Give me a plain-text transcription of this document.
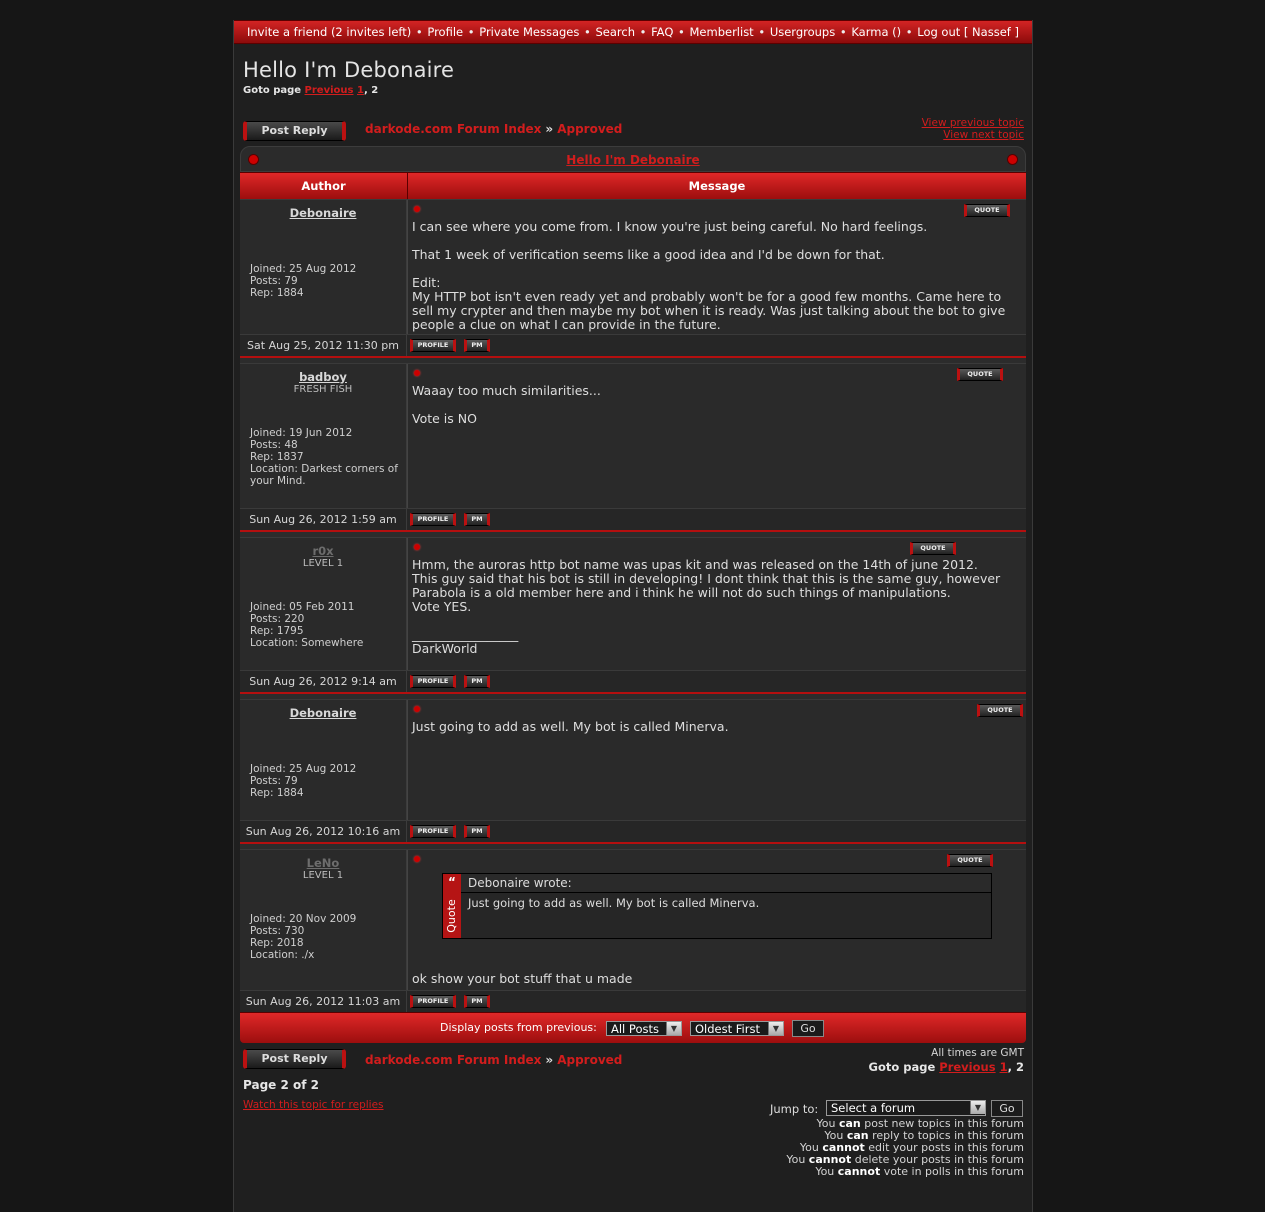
Invite a friend (2 invites left) • Profile • Private Messages • Search • FAQ • Memberlist • Usergroups • Karma () • Log out [ Nassef ]
Hello I'm Debonaire
Goto page Previous 1, 2
Post Reply	darkode.com Forum Index » Approved	View previous topic
View next topic
Hello I'm Debonaire
Author	Message
Debonaire
Joined: 25 Aug 2012
Posts: 79
Rep: 1884
QUOTE
I can see where you come from. I know you're just being careful. No hard feelings.
That 1 week of verification seems like a good idea and I'd be down for that.
Edit:
My HTTP bot isn't even ready yet and probably won't be for a good few months. Came here to sell my crypter and then maybe my bot when it is ready. Was just talking about the bot to give people a clue on what I can provide in the future.
Sat Aug 25, 2012 11:30 pm	PROFILE	PM
badboy
FRESH FISH
Joined: 19 Jun 2012
Posts: 48
Rep: 1837
Location: Darkest corners of your Mind.
QUOTE
Waaay too much similarities...
Vote is NO
Sun Aug 26, 2012 1:59 am	PROFILE	PM
r0x
LEVEL 1
Joined: 05 Feb 2011
Posts: 220
Rep: 1795
Location: Somewhere
QUOTE
Hmm, the auroras http bot name was upas kit and was released on the 14th of june 2012.
This guy said that his bot is still in developing! I dont think that this is the same guy, however Parabola is a old member here and i think he will not do such things of manipulations.
Vote YES.
_________________
DarkWorld
Sun Aug 26, 2012 9:14 am	PROFILE	PM
Debonaire
Joined: 25 Aug 2012
Posts: 79
Rep: 1884
QUOTE
Just going to add as well. My bot is called Minerva.
Sun Aug 26, 2012 10:16 am	PROFILE	PM
LeNo
LEVEL 1
Joined: 20 Nov 2009
Posts: 730
Rep: 2018
Location: ./x
QUOTE
“
Quote
Debonaire wrote:
Just going to add as well. My bot is called Minerva.
ok show your bot stuff that u made
Sun Aug 26, 2012 11:03 am	PROFILE	PM
Display posts from previous:	All Posts	▼	Oldest First	▼	Go
Post Reply	darkode.com Forum Index » Approved	All times are GMT
Goto page Previous 1, 2
Page 2 of 2
Watch this topic for replies	Jump to:	Select a forum	▼	Go
You can post new topics in this forum
You can reply to topics in this forum
You cannot edit your posts in this forum
You cannot delete your posts in this forum
You cannot vote in polls in this forum
